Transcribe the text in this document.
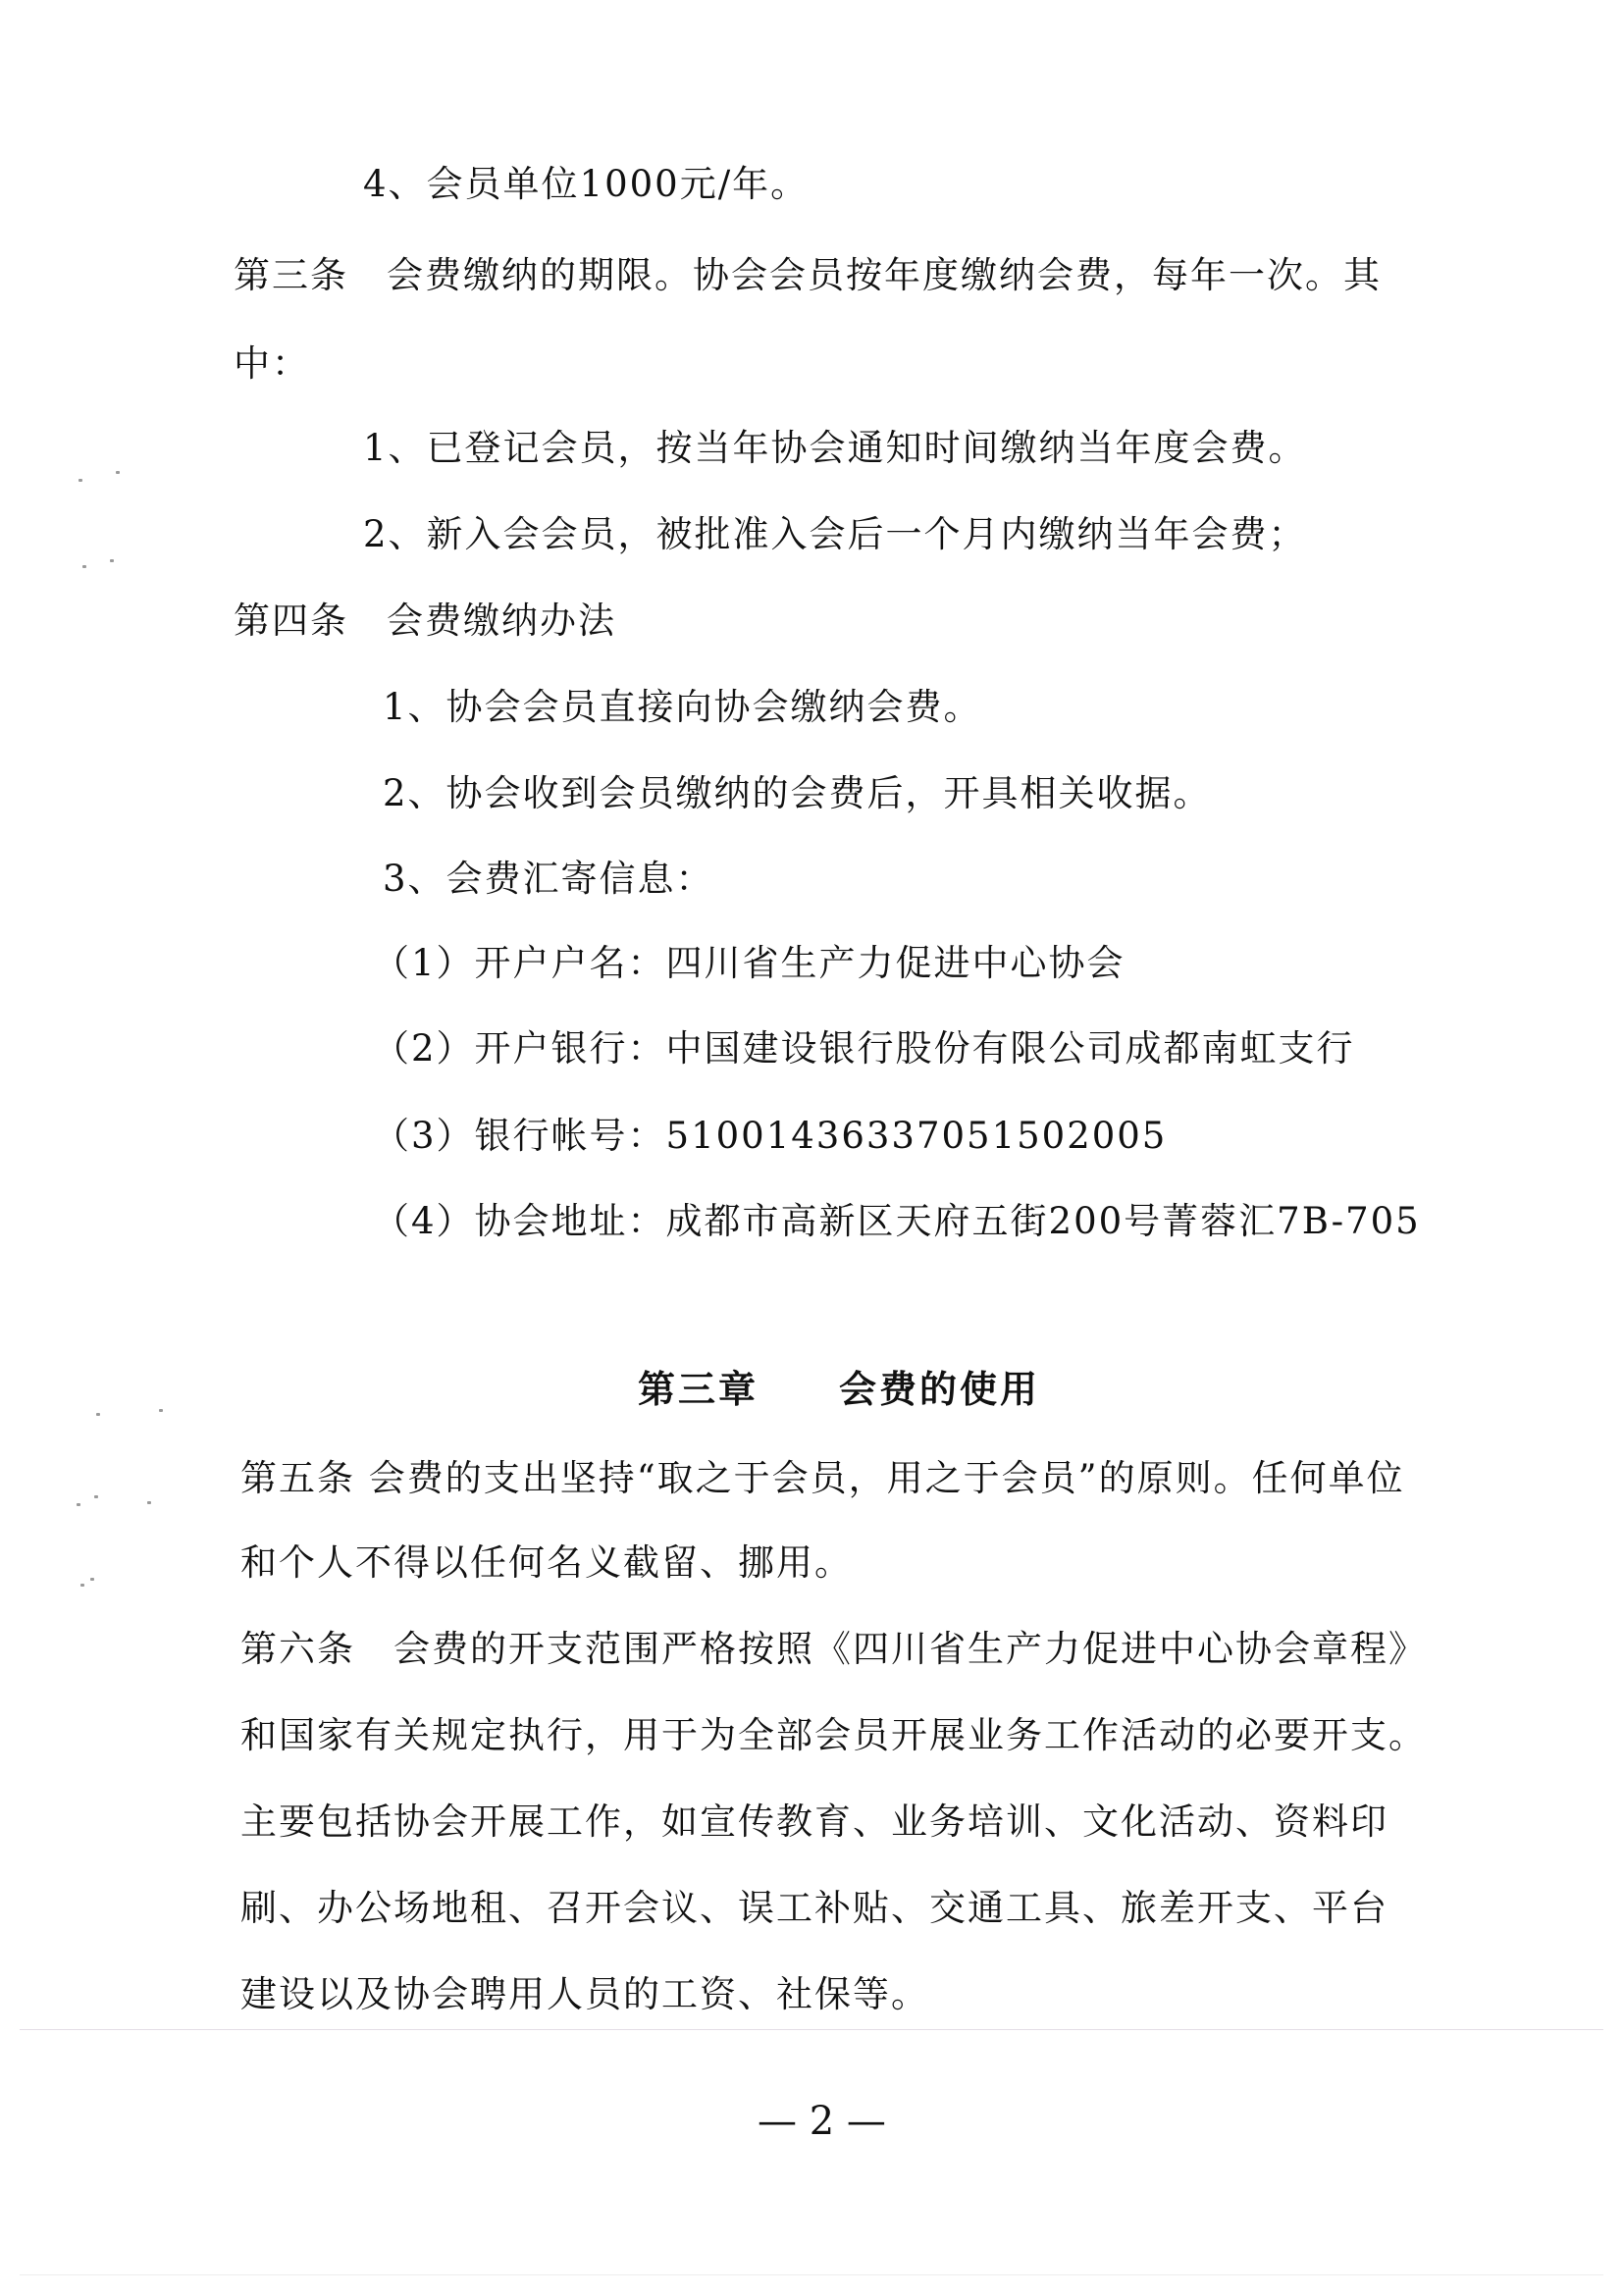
4、会员单位1000元/年。
第三条　会费缴纳的期限。协会会员按年度缴纳会费，每年一次。其
中：
1、已登记会员，按当年协会通知时间缴纳当年度会费。
2、新入会会员，被批准入会后一个月内缴纳当年会费；
第四条　会费缴纳办法
1、协会会员直接向协会缴纳会费。
2、协会收到会员缴纳的会费后，开具相关收据。
3、会费汇寄信息：
（1）开户户名：四川省生产力促进中心协会
（2）开户银行：中国建设银行股份有限公司成都南虹支行
（3）银行帐号：51001436337051502005
（4）协会地址：成都市高新区天府五街200号菁蓉汇7B-705
第三章　　会费的使用
第五条 会费的支出坚持“取之于会员，用之于会员”的原则。任何单位
和个人不得以任何名义截留、挪用。
第六条　会费的开支范围严格按照《四川省生产力促进中心协会章程》
和国家有关规定执行，用于为全部会员开展业务工作活动的必要开支。
主要包括协会开展工作，如宣传教育、业务培训、文化活动、资料印
刷、办公场地租、召开会议、误工补贴、交通工具、旅差开支、平台
建设以及协会聘用人员的工资、社保等。
— 2 —
